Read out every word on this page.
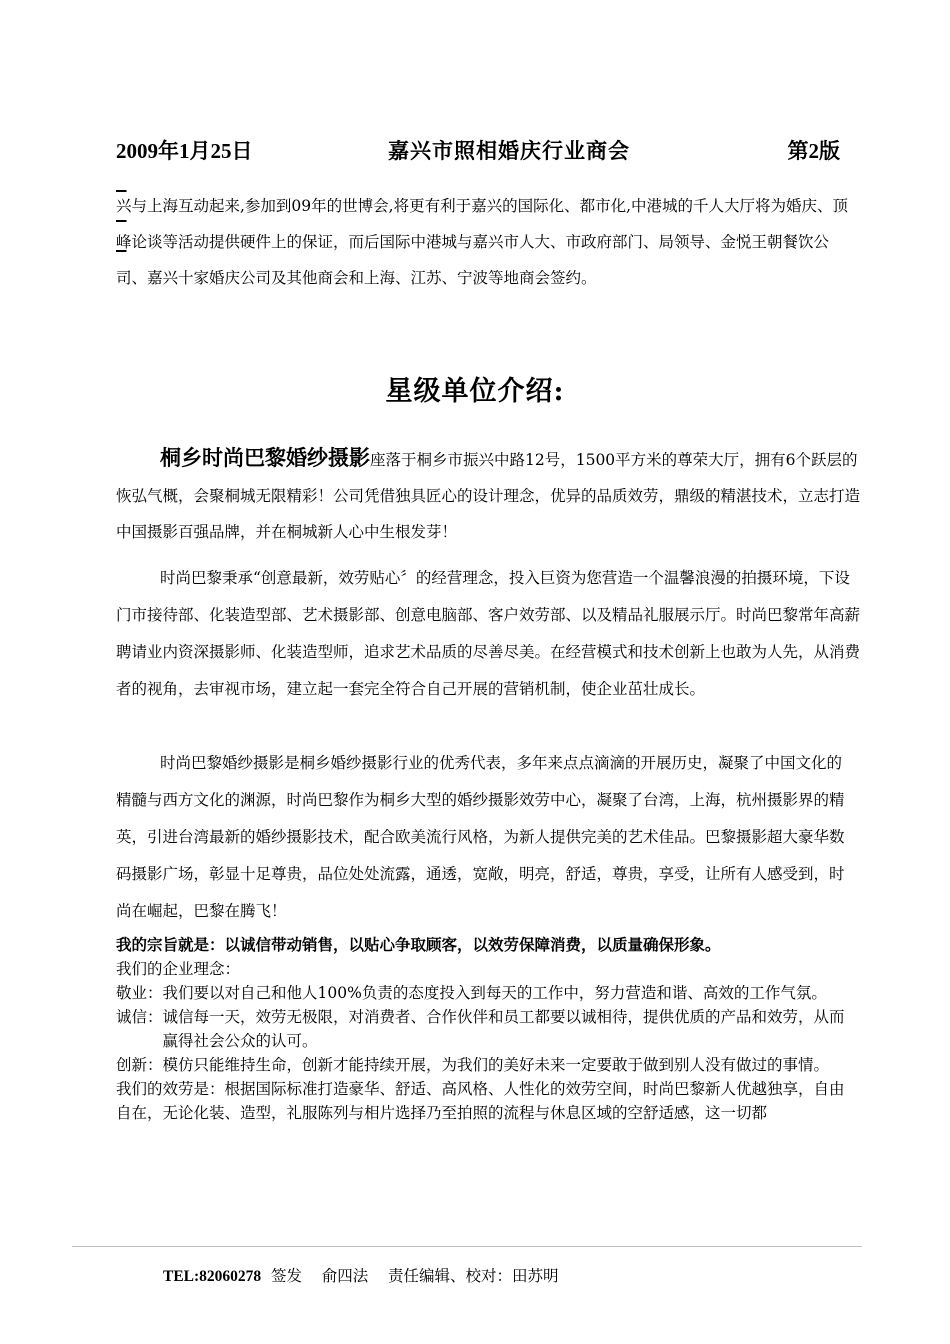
2009年1月25日

	嘉兴市照相婚庆行业商会

	第2版

兴与上海互动起来,参加到09年的世博会,将更有利于嘉兴的国际化、都市化,中港城的千人大厅将为婚庆、顶峰论谈等活动提供硬件上的保证，而后国际中港城与嘉兴市人大、市政府部门、局领导、金悦王朝餐饮公司、嘉兴十家婚庆公司及其他商会和上海、江苏、宁波等地商会签约。

星级单位介绍:

桐乡时尚巴黎婚纱摄影座落于桐乡市振兴中路12号，1500平方米的尊荣大厅，拥有6个跃层的恢弘气概，会聚桐城无限精彩！公司凭借独具匠心的设计理念，优异的品质效劳，鼎级的精湛技术，立志打造中国摄影百强品牌，并在桐城新人心中生根发芽！

时尚巴黎秉承“创意最新，效劳贴心〞的经营理念，投入巨资为您营造一个温馨浪漫的拍摄环境，下设门市接待部、化装造型部、艺术摄影部、创意电脑部、客户效劳部、以及精品礼服展示厅。时尚巴黎常年高薪聘请业内资深摄影师、化装造型师，追求艺术品质的尽善尽美。在经营模式和技术创新上也敢为人先，从消费者的视角，去审视市场，建立起一套完全符合自己开展的营销机制，使企业茁壮成长。

时尚巴黎婚纱摄影是桐乡婚纱摄影行业的优秀代表，多年来点点滴滴的开展历史，凝聚了中国文化的精髓与西方文化的渊源，时尚巴黎作为桐乡大型的婚纱摄影效劳中心，凝聚了台湾，上海，杭州摄影界的精英，引进台湾最新的婚纱摄影技术，配合欧美流行风格，为新人提供完美的艺术佳品。巴黎摄影超大豪华数码摄影广场，彰显十足尊贵，品位处处流露，通透，宽敞，明亮，舒适，尊贵，享受，让所有人感受到，时尚在崛起，巴黎在腾飞！

我的宗旨就是：以诚信带动销售，以贴心争取顾客，以效劳保障消费，以质量确保形象。

我们的企业理念：

敬业： 我们要以对自己和他人100%负责的态度投入到每天的工作中，努力营造和谐、高效的工作气氛。
诚信： 诚信每一天，效劳无极限，对消费者、合作伙伴和员工都要以诚相待，提供优质的产品和效劳，从而赢得社会公众的认可。
创新： 模仿只能维持生命，创新才能持续开展，为我们的美好未来一定要敢于做到别人没有做过的事情。

我们的效劳是：根据国际标准打造豪华、舒适、高风格、人性化的效劳空间，时尚巴黎新人优越独享，自由自在，无论化装、造型，礼服陈列与相片选择乃至拍照的流程与休息区域的空舒适感，这一切都

TEL:82060278 签发 俞四法 责任编辑、校对：田苏明
